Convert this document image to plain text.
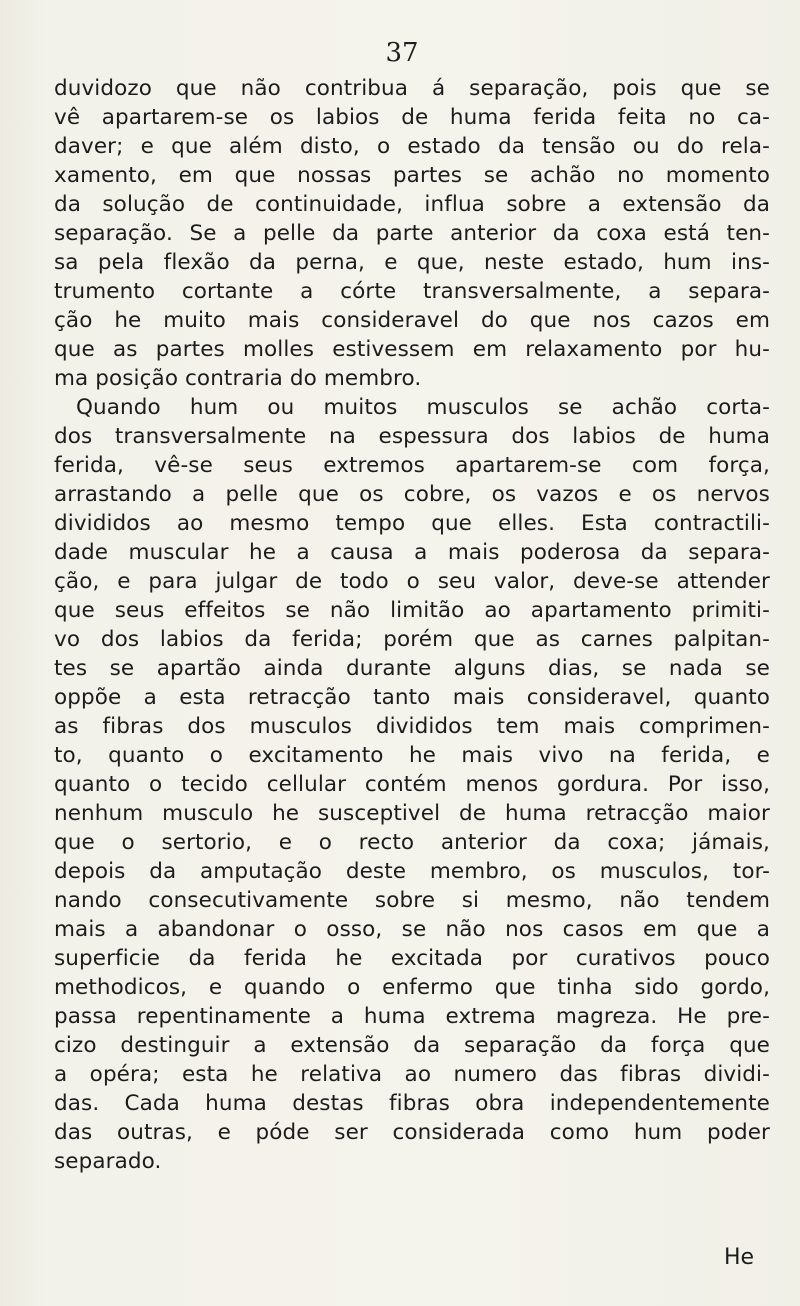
37
duvidozo que não contribua á separação, pois que se
vê apartarem-se os labios de huma ferida feita no ca-
daver; e que além disto, o estado da tensão ou do rela-
xamento, em que nossas partes se achão no momento
da solução de continuidade, influa sobre a extensão da
separação. Se a pelle da parte anterior da coxa está ten-
sa pela flexão da perna, e que, neste estado, hum ins-
trumento cortante a córte transversalmente, a separa-
ção he muito mais consideravel do que nos cazos em
que as partes molles estivessem em relaxamento por hu-
ma posição contraria do membro.
Quando hum ou muitos musculos se achão corta-
dos transversalmente na espessura dos labios de huma
ferida, vê-se seus extremos apartarem-se com força,
arrastando a pelle que os cobre, os vazos e os nervos
divididos ao mesmo tempo que elles. Esta contractili-
dade muscular he a causa a mais poderosa da separa-
ção, e para julgar de todo o seu valor, deve-se attender
que seus effeitos se não limitão ao apartamento primiti-
vo dos labios da ferida; porém que as carnes palpitan-
tes se apartão ainda durante alguns dias, se nada se
oppõe a esta retracção tanto mais consideravel, quanto
as fibras dos musculos divididos tem mais comprimen-
to, quanto o excitamento he mais vivo na ferida, e
quanto o tecido cellular contém menos gordura. Por isso,
nenhum musculo he susceptivel de huma retracção maior
que o sertorio, e o recto anterior da coxa; jámais,
depois da amputação deste membro, os musculos, tor-
nando consecutivamente sobre si mesmo, não tendem
mais a abandonar o osso, se não nos casos em que a
superficie da ferida he excitada por curativos pouco
methodicos, e quando o enfermo que tinha sido gordo,
passa repentinamente a huma extrema magreza. He pre-
cizo destinguir a extensão da separação da força que
a opéra; esta he relativa ao numero das fibras dividi-
das. Cada huma destas fibras obra independentemente
das outras, e póde ser considerada como hum poder
separado.
He
